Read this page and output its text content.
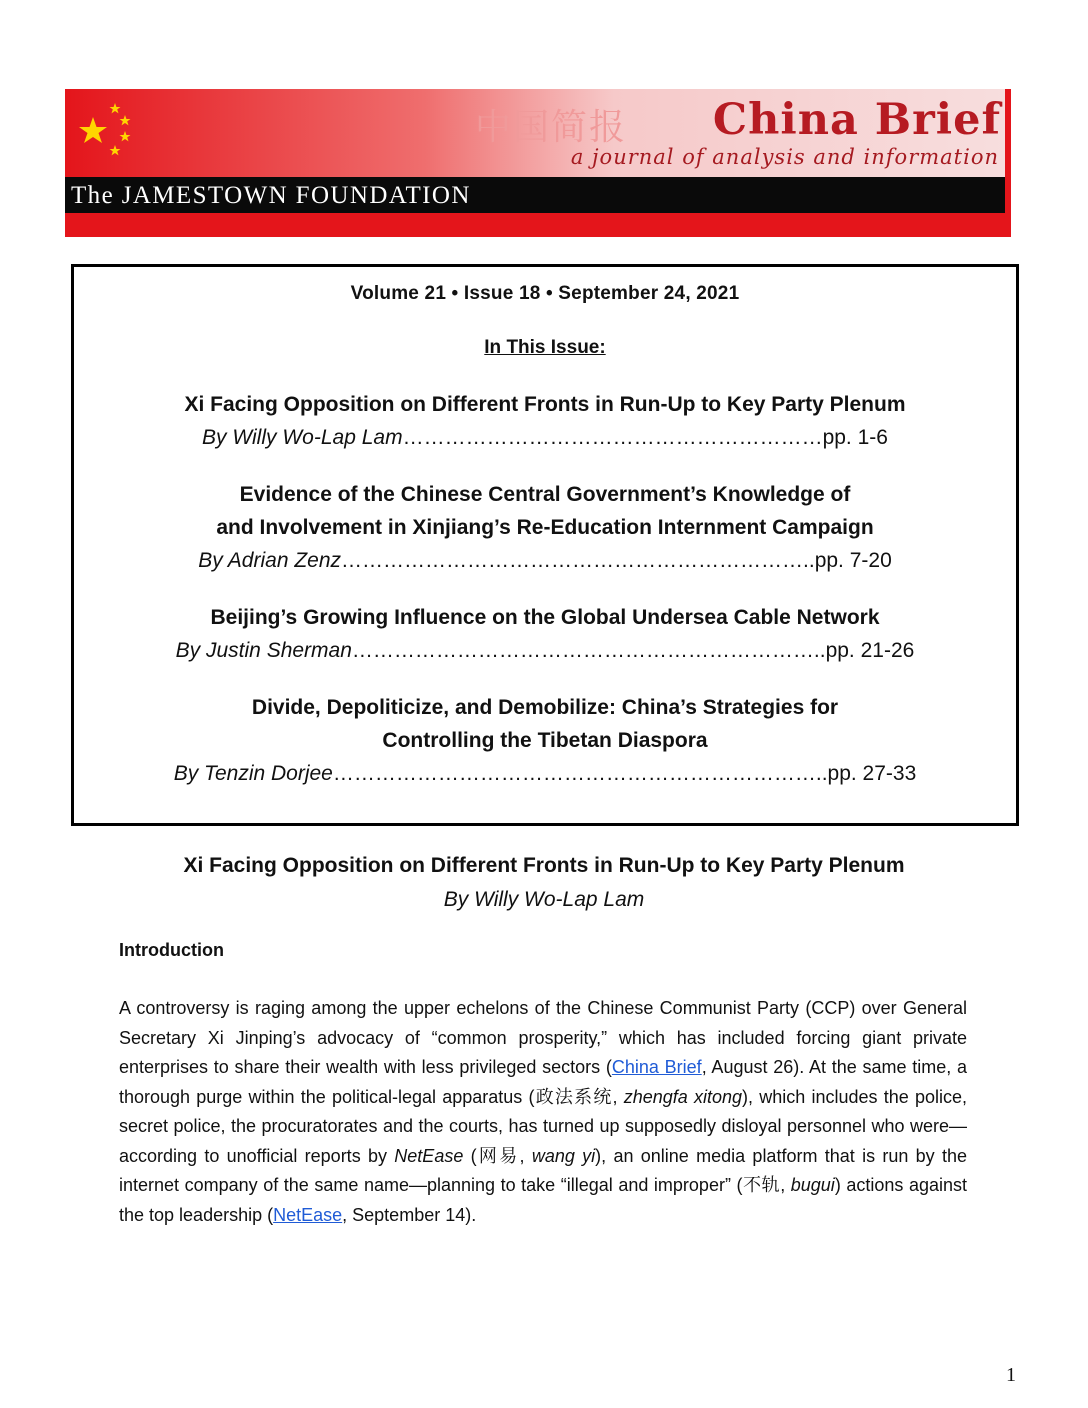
中国简报 China Brief
a journal of analysis and information
The JAMESTOWN FOUNDATION
Volume 21 • Issue 18 • September 24, 2021
In This Issue:
Xi Facing Opposition on Different Fronts in Run-Up to Key Party Plenum
By Willy Wo-Lap Lam……………………………………………………pp. 1-6
Evidence of the Chinese Central Government’s Knowledge of
and Involvement in Xinjiang’s Re-Education Internment Campaign
By Adrian Zenz…………………………………………………………..pp. 7-20
Beijing’s Growing Influence on the Global Undersea Cable Network
By Justin Sherman…………………………………………………………..pp. 21-26
Divide, Depoliticize, and Demobilize: China’s Strategies for
Controlling the Tibetan Diaspora
By Tenzin Dorjee……………………………………………………………..pp. 27-33
Xi Facing Opposition on Different Fronts in Run-Up to Key Party Plenum
By Willy Wo-Lap Lam
Introduction
A controversy is raging among the upper echelons of the Chinese Communist Party (CCP) over General Secretary Xi Jinping’s advocacy of “common prosperity,” which has included forcing giant private enterprises to share their wealth with less privileged sectors (China Brief, August 26). At the same time, a thorough purge within the political-legal apparatus (政法系统, zhengfa xitong), which includes the police, secret police, the procuratorates and the courts, has turned up supposedly disloyal personnel who were—according to unofficial reports by NetEase (网易, wang yi), an online media platform that is run by the internet company of the same name—planning to take “illegal and improper” (不轨, bugui) actions against the top leadership (NetEase, September 14).
1
